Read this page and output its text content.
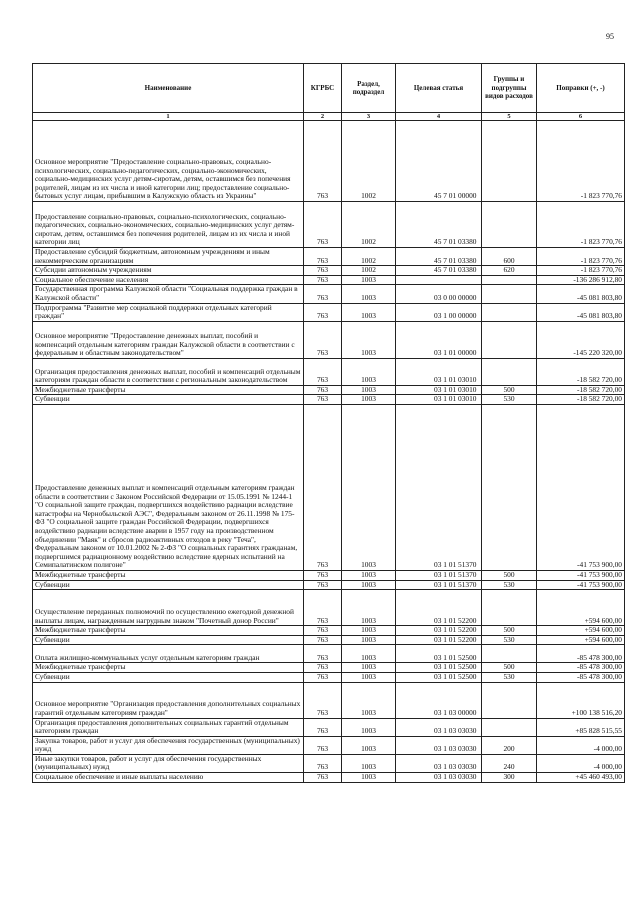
95
Наименование	КГРБС	Раздел, подраздел	Целевая статья	Группы и подгруппы видов расходов	Поправки (+, -)
1	2	3	4	5	6
Основное мероприятие "Предоставление социально-правовых, социально-психологических, социально-педагогических, социально-экономических, социально-медицинских услуг детям-сиротам, детям, оставшимся без попечения родителей, лицам из их числа и иной категории лиц; предоставление социально-бытовых услуг лицам, прибывшим в Калужскую область из Украины"	763	1002	45 7 01 00000		-1 823 770,76
Предоставление социально-правовых, социально-психологических, социально-педагогических, социально-экономических, социально-медицинских услуг детям-сиротам, детям, оставшимся без попечения родителей, лицам из их числа и иной категории лиц	763	1002	45 7 01 03380		-1 823 770,76
Предоставление субсидий бюджетным, автономным учреждениям и иным некоммерческим организациям	763	1002	45 7 01 03380	600	-1 823 770,76
Субсидии автономным учреждениям	763	1002	45 7 01 03380	620	-1 823 770,76
Социальное обеспечение населения	763	1003			-136 286 912,80
Государственная программа Калужской области "Социальная поддержка граждан в Калужской области"	763	1003	03 0 00 00000		-45 081 803,80
Подпрограмма "Развитие мер социальной поддержки отдельных категорий граждан"	763	1003	03 1 00 00000		-45 081 803,80
Основное мероприятие "Предоставление денежных выплат, пособий и компенсаций отдельным категориям граждан Калужской области в соответствии с федеральным и областным законодательством"	763	1003	03 1 01 00000		-145 220 320,00
Организация предоставления денежных выплат, пособий и компенсаций отдельным категориям граждан области в соответствии с региональным законодательством	763	1003	03 1 01 03010		-18 582 720,00
Межбюджетные трансферты	763	1003	03 1 01 03010	500	-18 582 720,00
Субвенции	763	1003	03 1 01 03010	530	-18 582 720,00
Предоставление денежных выплат и компенсаций отдельным категориям граждан области в соответствии с Законом Российской Федерации от 15.05.1991 № 1244-1 "О социальной защите граждан, подвергшихся воздействию радиации вследствие катастрофы на Чернобыльской АЭС", Федеральным законом от 26.11.1998 № 175-ФЗ "О социальной защите граждан Российской Федерации, подвергшихся воздействию радиации вследствие аварии в 1957 году на производственном объединении "Маяк" и сбросов радиоактивных отходов в реку "Теча", Федеральным законом от 10.01.2002 № 2-ФЗ "О социальных гарантиях гражданам, подвергшимся радиационному воздействию вследствие ядерных испытаний на Семипалатинском полигоне"	763	1003	03 1 01 51370		-41 753 900,00
Межбюджетные трансферты	763	1003	03 1 01 51370	500	-41 753 900,00
Субвенции	763	1003	03 1 01 51370	530	-41 753 900,00
Осуществление переданных полномочий по осуществлению ежегодной денежной выплаты лицам, награжденным нагрудным знаком "Почетный донор России"	763	1003	03 1 01 52200		+594 600,00
Межбюджетные трансферты	763	1003	03 1 01 52200	500	+594 600,00
Субвенции	763	1003	03 1 01 52200	530	+594 600,00
Оплата жилищно-коммунальных услуг отдельным категориям граждан	763	1003	03 1 01 52500		-85 478 300,00
Межбюджетные трансферты	763	1003	03 1 01 52500	500	-85 478 300,00
Субвенции	763	1003	03 1 01 52500	530	-85 478 300,00
Основное мероприятие "Организация предоставления дополнительных социальных гарантий отдельным категориям граждан"	763	1003	03 1 03 00000		+100 138 516,20
Организация предоставления дополнительных социальных гарантий отдельным категориям граждан	763	1003	03 1 03 03030		+85 828 515,55
Закупка товаров, работ и услуг для обеспечения государственных (муниципальных) нужд	763	1003	03 1 03 03030	200	-4 000,00
Иные закупки товаров, работ и услуг для обеспечения государственных (муниципальных) нужд	763	1003	03 1 03 03030	240	-4 000,00
Социальное обеспечение и иные выплаты населению	763	1003	03 1 03 03030	300	+45 460 493,00
